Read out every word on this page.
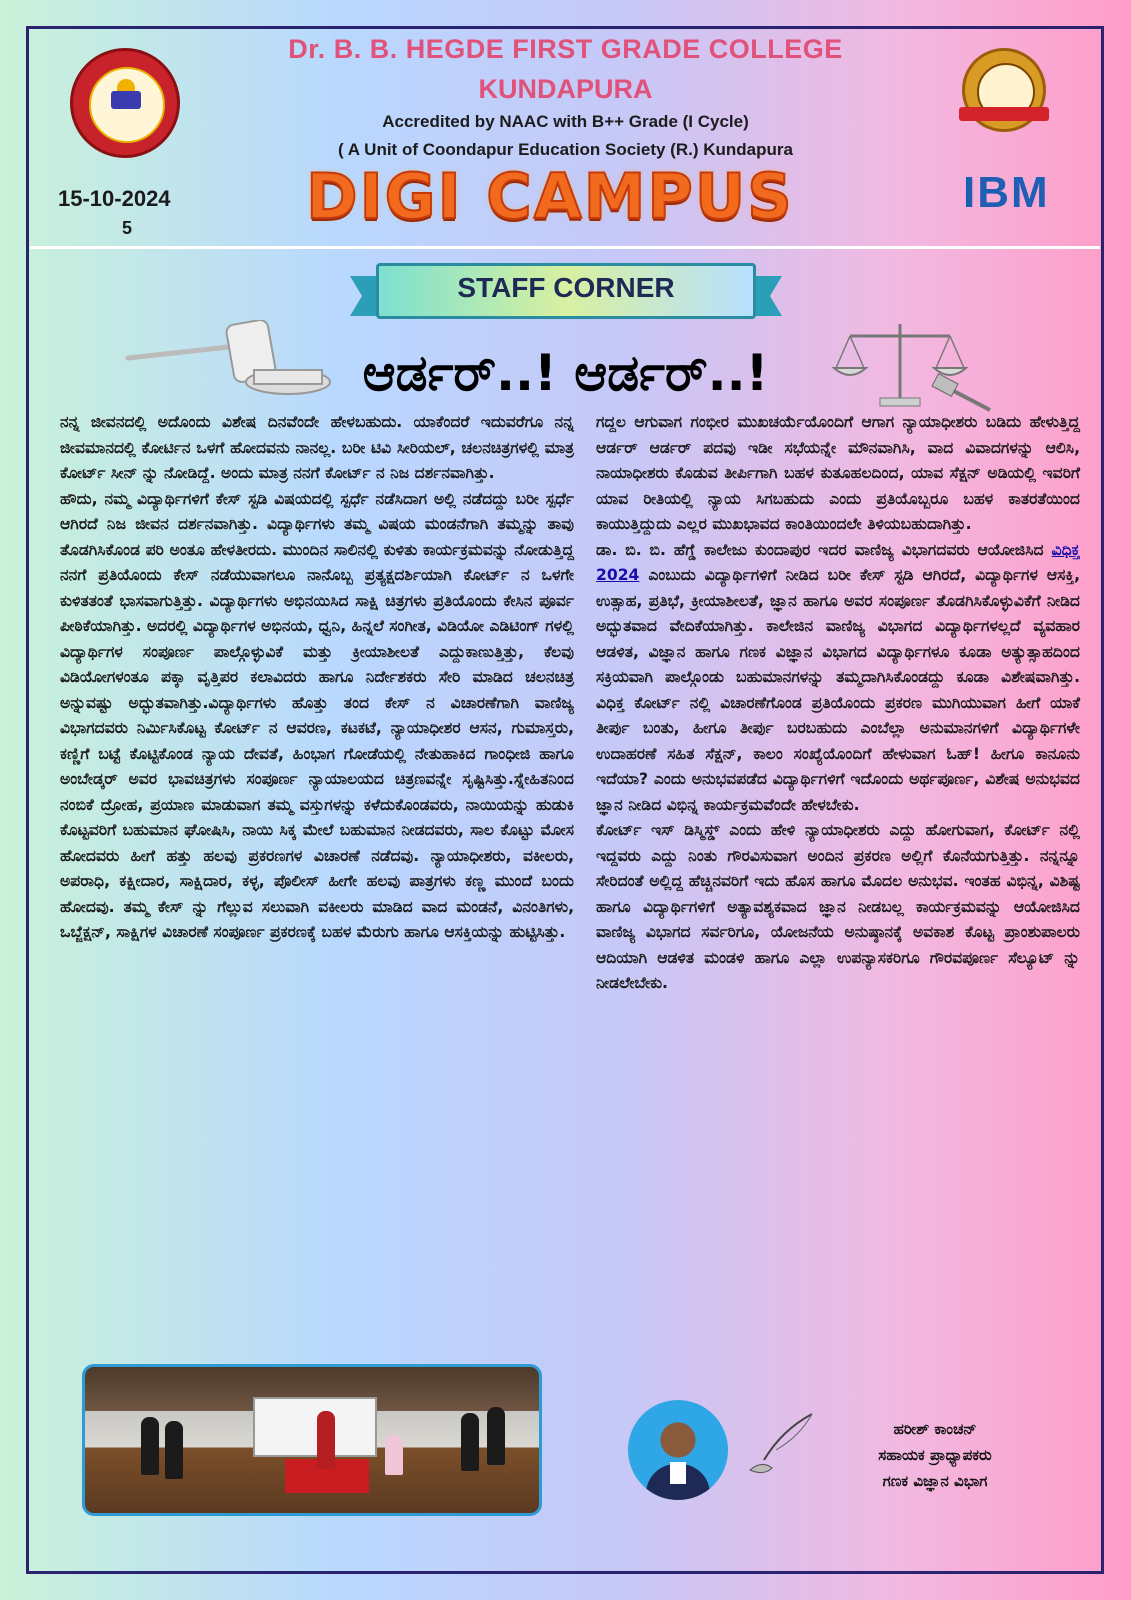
Dr. B. B. HEGDE FIRST GRADE COLLEGE
KUNDAPURA
Accredited by NAAC with B++ Grade (I Cycle)
( A Unit of Coondapur Education Society (R.) Kundapura
DIGI CAMPUS
15-10-2024
5
IBM
STAFF CORNER
ಆರ್ಡರ್..! ಆರ್ಡರ್..!

ನನ್ನ ಜೀವನದಲ್ಲಿ ಅದೊಂದು ವಿಶೇಷ ದಿನವೆಂದೇ ಹೇಳಬಹುದು. ಯಾಕೆಂದರೆ ಇದುವರೆಗೂ ನನ್ನ ಜೀವಮಾನದಲ್ಲಿ ಕೋರ್ಟಿನ ಒಳಗೆ ಹೋದವನು ನಾನಲ್ಲ. ಬರೀ ಟಿವಿ ಸೀರಿಯಲ್, ಚಲನಚಿತ್ರಗಳಲ್ಲಿ ಮಾತ್ರ ಕೋರ್ಟ್ ಸೀನ್ ನ್ನು ನೋಡಿದ್ದೆ. ಅಂದು ಮಾತ್ರ ನನಗೆ ಕೋರ್ಟ್ ನ ನಿಜ ದರ್ಶನವಾಗಿತ್ತು.

ಹೌದು, ನಮ್ಮ ವಿದ್ಯಾರ್ಥಿಗಳಿಗೆ ಕೇಸ್ ಸ್ಟಡಿ ವಿಷಯದಲ್ಲಿ ಸ್ಪರ್ಧೆ ನಡೆಸಿದಾಗ ಅಲ್ಲಿ ನಡೆದದ್ದು ಬರೀ ಸ್ಪರ್ಧೆ ಆಗಿರದೆ ನಿಜ ಜೀವನ ದರ್ಶನವಾಗಿತ್ತು. ವಿದ್ಯಾರ್ಥಿಗಳು ತಮ್ಮ ವಿಷಯ ಮಂಡನೆಗಾಗಿ ತಮ್ಮನ್ನು ತಾವು ತೊಡಗಿಸಿಕೊಂಡ ಪರಿ ಅಂತೂ ಹೇಳತೀರದು. ಮುಂದಿನ ಸಾಲಿನಲ್ಲಿ ಕುಳಿತು ಕಾರ್ಯಕ್ರಮವನ್ನು ನೋಡುತ್ತಿದ್ದ ನನಗೆ ಪ್ರತಿಯೊಂದು ಕೇಸ್ ನಡೆಯುವಾಗಲೂ ನಾನೊಬ್ಬ ಪ್ರತ್ಯಕ್ಷದರ್ಶಿಯಾಗಿ ಕೋರ್ಟ್ ನ ಒಳಗೇ ಕುಳಿತತಂತೆ ಭಾಸವಾಗುತ್ತಿತ್ತು. ವಿದ್ಯಾರ್ಥಿಗಳು ಅಭಿನಯಿಸಿದ ಸಾಕ್ಷಿ ಚಿತ್ರಗಳು ಪ್ರತಿಯೊಂದು ಕೇಸಿನ ಪೂರ್ವ ಪೀಠಿಕೆಯಾಗಿತ್ತು. ಅದರಲ್ಲಿ ವಿದ್ಯಾರ್ಥಿಗಳ ಅಭಿನಯ, ಧ್ವನಿ, ಹಿನ್ನಲೆ ಸಂಗೀತ, ವಿಡಿಯೋ ಎಡಿಟಿಂಗ್ ಗಳಲ್ಲಿ ವಿದ್ಯಾರ್ಥಿಗಳ ಸಂಪೂರ್ಣ ಪಾಲ್ಗೊಳ್ಳುವಿಕೆ ಮತ್ತು ಕ್ರೀಯಾಶೀಲತೆ ಎದ್ದುಕಾಣುತ್ತಿತ್ತು, ಕೆಲವು ವಿಡಿಯೋಗಳಂತೂ ಪಕ್ಕಾ ವೃತ್ತಿಪರ ಕಲಾವಿದರು ಹಾಗೂ ನಿರ್ದೇಶಕರು ಸೇರಿ ಮಾಡಿದ ಚಲನಚಿತ್ರ ಅನ್ನುವಷ್ಟು ಅದ್ಭುತವಾಗಿತ್ತು.ವಿದ್ಯಾರ್ಥಿಗಳು ಹೊತ್ತು ತಂದ ಕೇಸ್ ನ ವಿಚಾರಣೆಗಾಗಿ ವಾಣಿಜ್ಯ ವಿಭಾಗದವರು ನಿರ್ಮಿಸಿಕೊಟ್ಟ ಕೋರ್ಟ್ ನ ಆವರಣ, ಕಟಕಟೆ, ನ್ಯಾಯಾಧೀಶರ ಆಸನ, ಗುಮಾಸ್ತರು, ಕಣ್ಣಿಗೆ ಬಟ್ಟೆ ಕೊಟ್ಟಿಕೊಂಡ ನ್ಯಾಯ ದೇವತೆ, ಹಿಂಭಾಗ ಗೋಡೆಯಲ್ಲಿ ನೇತುಹಾಕಿದ ಗಾಂಧೀಜಿ ಹಾಗೂ ಅಂಬೇಡ್ಕರ್ ಅವರ ಭಾವಚಿತ್ರಗಳು ಸಂಪೂರ್ಣ ನ್ಯಾಯಾಲಯದ ಚಿತ್ರಣವನ್ನೇ ಸೃಷ್ಟಿಸಿತ್ತು.ಸ್ನೇಹಿತನಿಂದ ನಂಬಿಕೆ ದ್ರೋಹ, ಪ್ರಯಾಣ ಮಾಡುವಾಗ ತಮ್ಮ ವಸ್ತುಗಳನ್ನು ಕಳೆದುಕೊಂಡವರು, ನಾಯಿಯನ್ನು ಹುಡುಕಿ ಕೊಟ್ಟವರಿಗೆ ಬಹುಮಾನ ಘೋಷಿಸಿ, ನಾಯಿ ಸಿಕ್ಕ ಮೇಲೆ ಬಹುಮಾನ ನೀಡದವರು, ಸಾಲ ಕೊಟ್ಟು ಮೋಸ ಹೋದವರು ಹೀಗೆ ಹತ್ತು ಹಲವು ಪ್ರಕರಣಗಳ ವಿಚಾರಣೆ ನಡೆದವು. ನ್ಯಾಯಾಧೀಶರು, ವಕೀಲರು, ಅಪರಾಧಿ, ಕಕ್ಷೀದಾರ, ಸಾಕ್ಷಿದಾರ, ಕಳ್ಳ, ಪೊಲೀಸ್ ಹೀಗೇ ಹಲವು ಪಾತ್ರಗಳು ಕಣ್ಣ ಮುಂದೆ ಬಂದು ಹೋದವು. ತಮ್ಮ ಕೇಸ್ ನ್ನು ಗೆಲ್ಲುವ ಸಲುವಾಗಿ ವಕೀಲರು ಮಾಡಿದ ವಾದ ಮಂಡನೆ, ವಿನಂತಿಗಳು, ಒಬ್ಜೆಕ್ಷನ್, ಸಾಕ್ಷಿಗಳ ವಿಚಾರಣೆ ಸಂಪೂರ್ಣ ಪ್ರಕರಣಕ್ಕೆ ಬಹಳ ಮೆರುಗು ಹಾಗೂ ಆಸಕ್ತಿಯನ್ನು ಹುಟ್ಟಿಸಿತ್ತು.

ಗದ್ದಲ ಆಗುವಾಗ ಗಂಭೀರ ಮುಖಚರ್ಯೆಯೊಂದಿಗೆ ಆಗಾಗ ನ್ಯಾಯಾಧೀಶರು ಬಡಿದು ಹೇಳುತ್ತಿದ್ದ ಆರ್ಡರ್ ಆರ್ಡರ್ ಪದವು ಇಡೀ ಸಭೆಯನ್ನೇ ಮೌನವಾಗಿಸಿ, ವಾದ ವಿವಾದಗಳನ್ನು ಆಲಿಸಿ, ನಾಯಾಧೀಶರು ಕೊಡುವ ತೀರ್ಪಿಗಾಗಿ ಬಹಳ ಕುತೂಹಲದಿಂದ, ಯಾವ ಸೆಕ್ಷನ್ ಅಡಿಯಲ್ಲಿ ಇವರಿಗೆ ಯಾವ ರೀತಿಯಲ್ಲಿ ನ್ಯಾಯ ಸಿಗಬಹುದು ಎಂದು ಪ್ರತಿಯೊಬ್ಬರೂ ಬಹಳ ಕಾತರತೆಯಿಂದ ಕಾಯುತ್ತಿದ್ದುದು ಎಲ್ಲರ ಮುಖಭಾವದ ಕಾಂತಿಯಿಂದಲೇ ತಿಳಿಯಬಹುದಾಗಿತ್ತು.

ಡಾ. ಬಿ. ಬಿ. ಹೆಗ್ಡೆ ಕಾಲೇಜು ಕುಂದಾಪುರ ಇದರ ವಾಣಿಜ್ಯ ವಿಭಾಗದವರು ಆಯೋಜಿಸಿದ ವಿಧಿಕ್ತ 2024 ಎಂಬುದು ವಿದ್ಯಾರ್ಥಿಗಳಿಗೆ ನೀಡಿದ ಬರೀ ಕೇಸ್ ಸ್ಟಡಿ ಆಗಿರದೆ, ವಿದ್ಯಾರ್ಥಿಗಳ ಆಸಕ್ತಿ, ಉತ್ಸಾಹ, ಪ್ರತಿಭೆ, ಕ್ರೀಯಾಶೀಲತೆ, ಜ್ಞಾನ ಹಾಗೂ ಅವರ ಸಂಪೂರ್ಣ ತೊಡಗಿಸಿಕೊಳ್ಳುವಿಕೆಗೆ ನೀಡಿದ ಅದ್ಭುತವಾದ ವೇದಿಕೆಯಾಗಿತ್ತು. ಕಾಲೇಜಿನ ವಾಣಿಜ್ಯ ವಿಭಾಗದ ವಿದ್ಯಾರ್ಥಿಗಳಲ್ಲದೆ ವ್ಯವಹಾರ ಆಡಳಿತ, ವಿಜ್ಞಾನ ಹಾಗೂ ಗಣಕ ವಿಜ್ಞಾನ ವಿಭಾಗದ ವಿದ್ಯಾರ್ಥಿಗಳೂ ಕೂಡಾ ಅತ್ಯುತ್ಸಾಹದಿಂದ ಸಕ್ರಿಯವಾಗಿ ಪಾಲ್ಗೊಂಡು ಬಹುಮಾನಗಳನ್ನು ತಮ್ಮದಾಗಿಸಿಕೊಂಡದ್ದು ಕೂಡಾ ವಿಶೇಷವಾಗಿತ್ತು. ವಿಧಿಕ್ತ ಕೋರ್ಟ್ ನಲ್ಲಿ ವಿಚಾರಣೆಗೊಂಡ ಪ್ರತಿಯೊಂದು ಪ್ರಕರಣ ಮುಗಿಯುವಾಗ ಹೀಗೆ ಯಾಕೆ ತೀರ್ಪು ಬಂತು, ಹೀಗೂ ತೀರ್ಪು ಬರಬಹುದು ಎಂಬೆಲ್ಲಾ ಅನುಮಾನಗಳಿಗೆ ವಿದ್ಯಾರ್ಥಿಗಳೇ ಉದಾಹರಣೆ ಸಹಿತ ಸೆಕ್ಷನ್, ಕಾಲಂ ಸಂಖ್ಯೆಯೊಂದಿಗೆ ಹೇಳುವಾಗ ಓಹ್! ಹೀಗೂ ಕಾನೂನು ಇದೆಯಾ? ಎಂದು ಅನುಭವಪಡೆದ ವಿದ್ಯಾರ್ಥಿಗಳಿಗೆ ಇದೊಂದು ಅರ್ಥಪೂರ್ಣ, ವಿಶೇಷ ಅನುಭವದ ಜ್ಞಾನ ನೀಡಿದ ವಿಭಿನ್ನ ಕಾರ್ಯಕ್ರಮವೆಂದೇ ಹೇಳಬೇಕು.

ಕೋರ್ಟ್ ಇಸ್ ಡಿಸ್ಮಿಸ್ಡ್ ಎಂದು ಹೇಳಿ ನ್ಯಾಯಾಧೀಶರು ಎದ್ದು ಹೋಗುವಾಗ, ಕೋರ್ಟ್ ನಲ್ಲಿ ಇದ್ದವರು ಎದ್ದು ನಿಂತು ಗೌರವಿಸುವಾಗ ಅಂದಿನ ಪ್ರಕರಣ ಅಲ್ಲಿಗೆ ಕೊನೆಯಗುತ್ತಿತ್ತು. ನನ್ನನ್ನೂ ಸೇರಿದಂತೆ ಅಲ್ಲಿದ್ದ ಹೆಚ್ಚಿನವರಿಗೆ ಇದು ಹೊಸ ಹಾಗೂ ಮೊದಲ ಅನುಭವ. ಇಂತಹ ವಿಭಿನ್ನ, ವಿಶಿಷ್ಟ ಹಾಗೂ ವಿದ್ಯಾರ್ಥಿಗಳಿಗೆ ಅತ್ಯಾವಶ್ಯಕವಾದ ಜ್ಞಾನ ನೀಡಬಲ್ಲ ಕಾರ್ಯಕ್ರಮವನ್ನು ಆಯೋಜಿಸಿದ ವಾಣಿಜ್ಯ ವಿಭಾಗದ ಸರ್ವರಿಗೂ, ಯೋಜನೆಯ ಅನುಷ್ಠಾನಕ್ಕೆ ಅವಕಾಶ ಕೊಟ್ಟ ಪ್ರಾಂಶುಪಾಲರು ಆದಿಯಾಗಿ ಆಡಳಿತ ಮಂಡಳಿ ಹಾಗೂ ಎಲ್ಲಾ ಉಪನ್ಯಾಸಕರಿಗೂ ಗೌರವಪೂರ್ಣ ಸೆಲ್ಯೂಟ್ ನ್ನು ನೀಡಲೇಬೇಕು.

ಹರೀಶ್ ಕಾಂಚನ್
ಸಹಾಯಕ ಪ್ರಾಧ್ಯಾಪಕರು
ಗಣಕ ವಿಜ್ಞಾನ ವಿಭಾಗ
